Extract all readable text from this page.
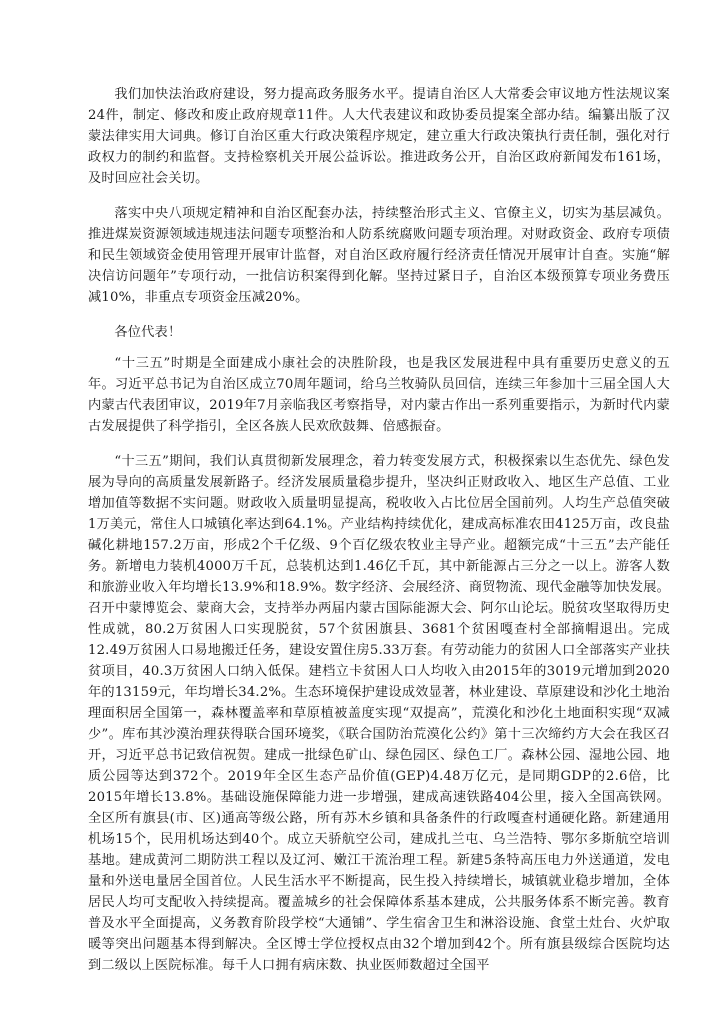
我们加快法治政府建设，努力提高政务服务水平。提请自治区人大常委会审议地方性法规议案24件，制定、修改和废止政府规章11件。人大代表建议和政协委员提案全部办结。编纂出版了汉蒙法律实用大词典。修订自治区重大行政决策程序规定，建立重大行政决策执行责任制，强化对行政权力的制约和监督。支持检察机关开展公益诉讼。推进政务公开，自治区政府新闻发布161场，及时回应社会关切。

落实中央八项规定精神和自治区配套办法，持续整治形式主义、官僚主义，切实为基层减负。推进煤炭资源领域违规违法问题专项整治和人防系统腐败问题专项治理。对财政资金、政府专项债和民生领域资金使用管理开展审计监督，对自治区政府履行经济责任情况开展审计自查。实施“解决信访问题年”专项行动，一批信访积案得到化解。坚持过紧日子，自治区本级预算专项业务费压减10%，非重点专项资金压减20%。

各位代表！

“十三五”时期是全面建成小康社会的决胜阶段，也是我区发展进程中具有重要历史意义的五年。习近平总书记为自治区成立70周年题词，给乌兰牧骑队员回信，连续三年参加十三届全国人大内蒙古代表团审议，2019年7月亲临我区考察指导，对内蒙古作出一系列重要指示，为新时代内蒙古发展提供了科学指引，全区各族人民欢欣鼓舞、倍感振奋。

“十三五”期间，我们认真贯彻新发展理念，着力转变发展方式，积极探索以生态优先、绿色发展为导向的高质量发展新路子。经济发展质量稳步提升，坚决纠正财政收入、地区生产总值、工业增加值等数据不实问题。财政收入质量明显提高，税收收入占比位居全国前列。人均生产总值突破1万美元，常住人口城镇化率达到64.1%。产业结构持续优化，建成高标准农田4125万亩，改良盐碱化耕地157.2万亩，形成2个千亿级、9个百亿级农牧业主导产业。超额完成“十三五”去产能任务。新增电力装机4000万千瓦，总装机达到1.46亿千瓦，其中新能源占三分之一以上。游客人数和旅游业收入年均增长13.9%和18.9%。数字经济、会展经济、商贸物流、现代金融等加快发展。召开中蒙博览会、蒙商大会，支持举办两届内蒙古国际能源大会、阿尔山论坛。脱贫攻坚取得历史性成就，80.2万贫困人口实现脱贫，57个贫困旗县、3681个贫困嘎查村全部摘帽退出。完成12.49万贫困人口易地搬迁任务，建设安置住房5.33万套。有劳动能力的贫困人口全部落实产业扶贫项目，40.3万贫困人口纳入低保。建档立卡贫困人口人均收入由2015年的3019元增加到2020年的13159元，年均增长34.2%。生态环境保护建设成效显著，林业建设、草原建设和沙化土地治理面积居全国第一，森林覆盖率和草原植被盖度实现“双提高”，荒漠化和沙化土地面积实现“双减少”。库布其沙漠治理获得联合国环境奖，《联合国防治荒漠化公约》第十三次缔约方大会在我区召开，习近平总书记致信祝贺。建成一批绿色矿山、绿色园区、绿色工厂。森林公园、湿地公园、地质公园等达到372个。2019年全区生态产品价值(GEP)4.48万亿元，是同期GDP的2.6倍，比2015年增长13.8%。基础设施保障能力进一步增强，建成高速铁路404公里，接入全国高铁网。全区所有旗县(市、区)通高等级公路，所有苏木乡镇和具备条件的行政嘎查村通硬化路。新建通用机场15个，民用机场达到40个。成立天骄航空公司，建成扎兰屯、乌兰浩特、鄂尔多斯航空培训基地。建成黄河二期防洪工程以及辽河、嫩江干流治理工程。新建5条特高压电力外送通道，发电量和外送电量居全国首位。人民生活水平不断提高，民生投入持续增长，城镇就业稳步增加，全体居民人均可支配收入持续提高。覆盖城乡的社会保障体系基本建成，公共服务体系不断完善。教育普及水平全面提高，义务教育阶段学校“大通铺”、学生宿舍卫生和淋浴设施、食堂土灶台、火炉取暖等突出问题基本得到解决。全区博士学位授权点由32个增加到42个。所有旗县级综合医院均达到二级以上医院标准。每千人口拥有病床数、执业医师数超过全国平
